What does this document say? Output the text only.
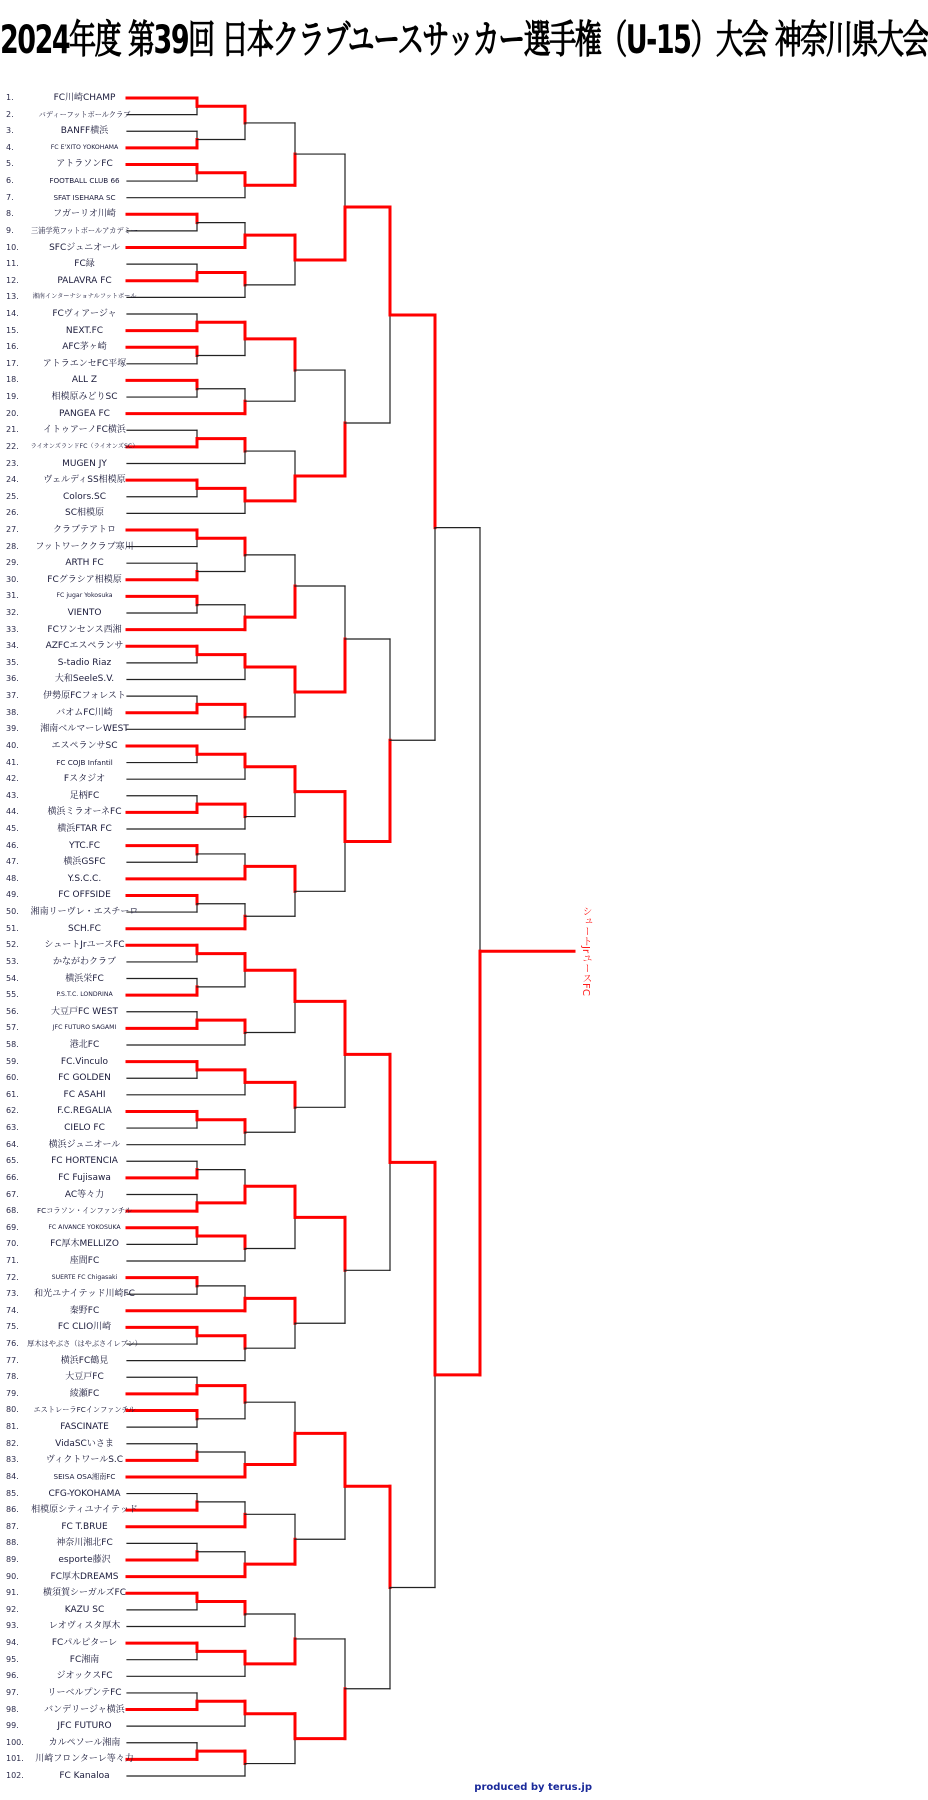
2024年度 第39回 日本クラブユースサッカー選手権（U-15）大会 神奈川県大会
1.	FC川崎CHAMP
2.	バディーフットボールクラブ
3.	BANFF横浜
4.	FC E'XITO YOKOHAMA
5.	アトラソンFC
6.	FOOTBALL CLUB 66
7.	SFAT ISEHARA SC
8.	フガーリオ川崎
9.	三浦学苑フットボールアカデミー
10.	SFCジュニオール
11.	FC緑
12.	PALAVRA FC
13.	湘南インターナショナルフットボール
14.	FCヴィアージャ
15.	NEXT.FC
16.	AFC茅ヶ崎
17.	アトラエンセFC平塚
18.	ALL Z
19.	相模原みどりSC
20.	PANGEA FC
21.	イトゥアーノFC横浜
22.	ライオンズランドFC（ライオンズSC）
23.	MUGEN JY
24.	ヴェルディSS相模原
25.	Colors.SC
26.	SC相模原
27.	クラブテアトロ
28.	フットワーククラブ寒川
29.	ARTH FC
30.	FCグラシア相模原
31.	FC jugar Yokosuka
32.	VIENTO
33.	FCワンセンス西湘
34.	AZFCエスペランサ
35.	S-tadio Riaz
36.	大和SeeleS.V.
37.	伊勢原FCフォレスト
38.	バオムFC川崎
39.	湘南ベルマーレWEST
40.	エスペランサSC
41.	FC COJB Infantil
42.	Fスタジオ
43.	足柄FC
44.	横浜ミラオーネFC
45.	横浜FTAR FC
46.	YTC.FC
47.	横浜GSFC
48.	Y.S.C.C.
49.	FC OFFSIDE
50.	湘南リーヴレ・エスチーロ
51.	SCH.FC
52.	シュートJrユースFC
53.	かながわクラブ
54.	横浜栄FC
55.	P.S.T.C. LONDRINA
56.	大豆戸FC WEST
57.	JFC FUTURO SAGAMI
58.	港北FC
59.	FC.Vinculo
60.	FC GOLDEN
61.	FC ASAHI
62.	F.C.REGALIA
63.	CIELO FC
64.	横浜ジュニオール
65.	FC HORTENCIA
66.	FC Fujisawa
67.	AC等々力
68.	FCコラソン・インファンチル
69.	FC AIVANCE YOKOSUKA
70.	FC厚木MELLIZO
71.	座間FC
72.	SUERTE FC Chigasaki
73.	和光ユナイテッド川崎FC
74.	秦野FC
75.	FC CLIO川崎
76.	厚木はやぶさ（はやぶさイレブン）
77.	横浜FC鶴見
78.	大豆戸FC
79.	綾瀬FC
80.	エストレーラFCインファンチル
81.	FASCINATE
82.	VidaSCいさま
83.	ヴィクトワールS.C
84.	SEISA OSA湘南FC
85.	CFG-YOKOHAMA
86.	相模原シティユナイテッド
87.	FC T.BRUE
88.	神奈川湘北FC
89.	esporte藤沢
90.	FC厚木DREAMS
91.	横須賀シーガルズFC
92.	KAZU SC
93.	レオヴィスタ厚木
94.	FCパルピターレ
95.	FC湘南
96.	ジオックスFC
97.	リーベルプンテFC
98.	バンデリージャ横浜
99.	JFC FUTURO
100.	カルペソール湘南
101.	川崎フロンターレ等々力
102.	FC Kanaloa
シュートJrユースFC
produced by terus.jp
